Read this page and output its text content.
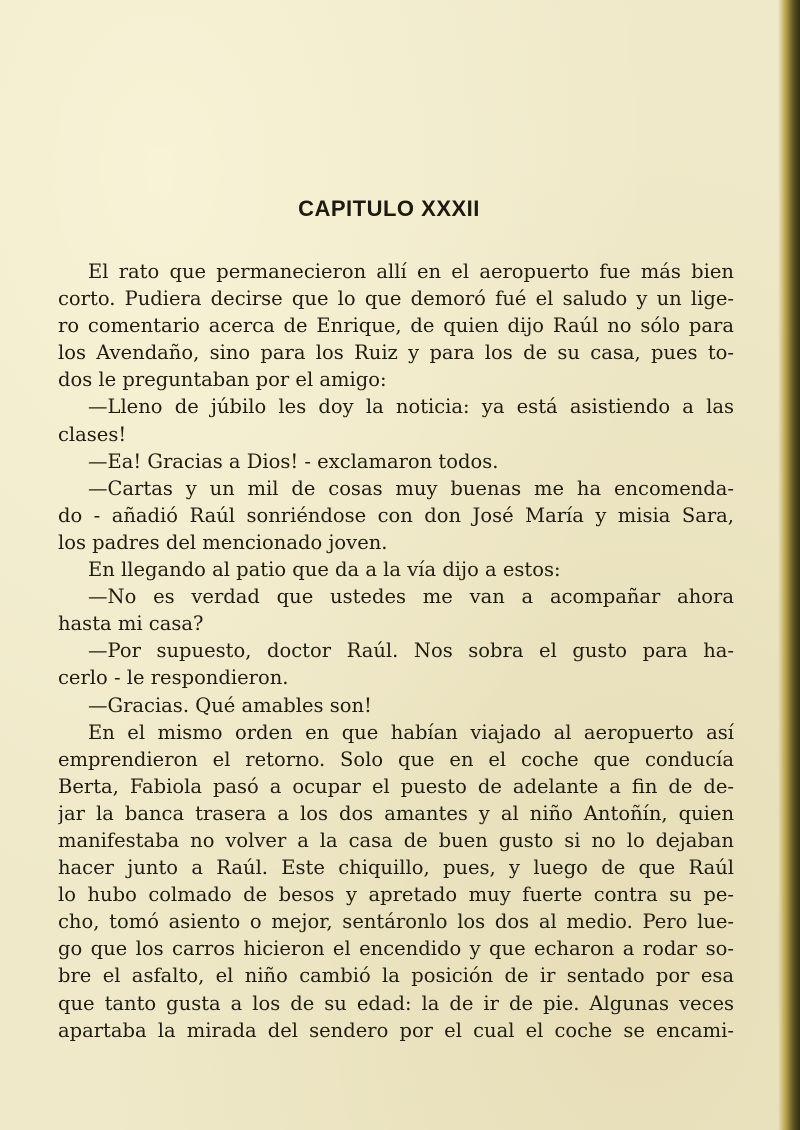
CAPITULO XXXII
El rato que permanecieron allí en el aeropuerto fue más bien
corto. Pudiera decirse que lo que demoró fué el saludo y un lige-
ro comentario acerca de Enrique, de quien dijo Raúl no sólo para
los Avendaño, sino para los Ruiz y para los de su casa, pues to-
dos le preguntaban por el amigo:
—Lleno de júbilo les doy la noticia: ya está asistiendo a las
clases!
—Ea! Gracias a Dios! - exclamaron todos.
—Cartas y un mil de cosas muy buenas me ha encomenda-
do - añadió Raúl sonriéndose con don José María y misia Sara,
los padres del mencionado joven.
En llegando al patio que da a la vía dijo a estos:
—No es verdad que ustedes me van a acompañar ahora
hasta mi casa?
—Por supuesto, doctor Raúl. Nos sobra el gusto para ha-
cerlo - le respondieron.
—Gracias. Qué amables son!
En el mismo orden en que habían viajado al aeropuerto así
emprendieron el retorno. Solo que en el coche que conducía
Berta, Fabiola pasó a ocupar el puesto de adelante a fin de de-
jar la banca trasera a los dos amantes y al niño Antoñín, quien
manifestaba no volver a la casa de buen gusto si no lo dejaban
hacer junto a Raúl. Este chiquillo, pues, y luego de que Raúl
lo hubo colmado de besos y apretado muy fuerte contra su pe-
cho, tomó asiento o mejor, sentáronlo los dos al medio. Pero lue-
go que los carros hicieron el encendido y que echaron a rodar so-
bre el asfalto, el niño cambió la posición de ir sentado por esa
que tanto gusta a los de su edad: la de ir de pie. Algunas veces
apartaba la mirada del sendero por el cual el coche se encami-
